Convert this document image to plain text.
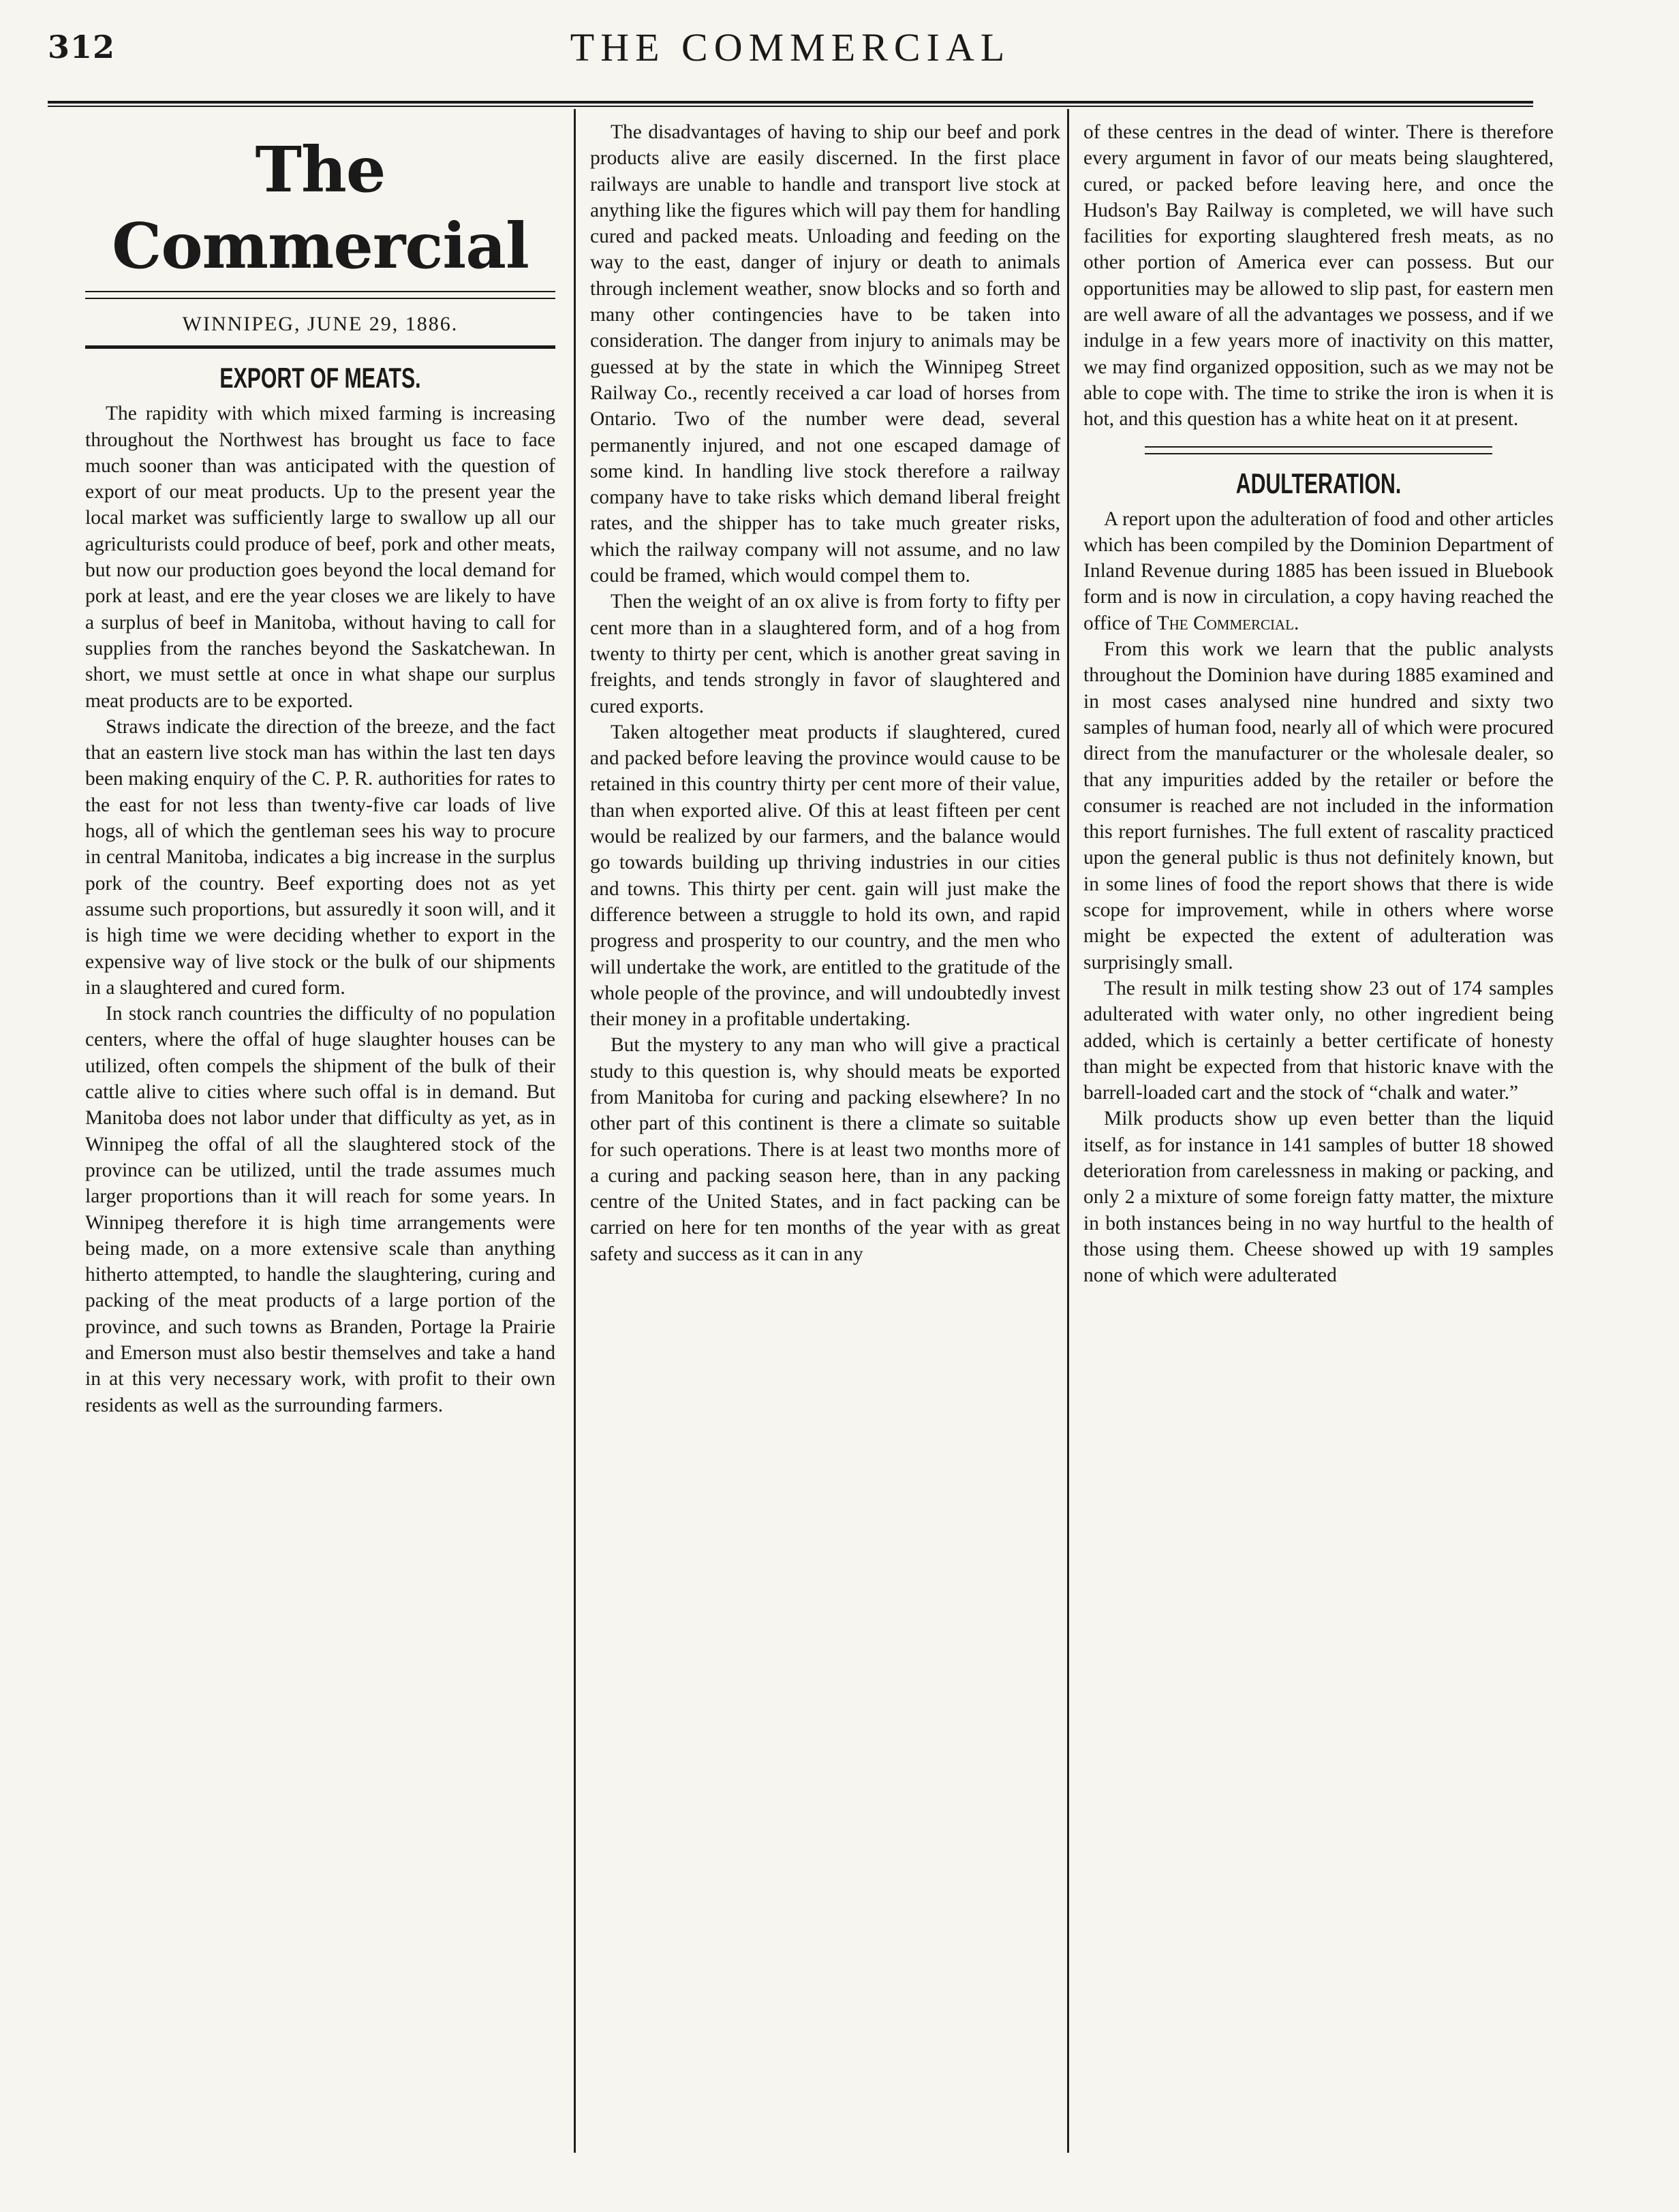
312	THE COMMERCIAL
The Commercial
WINNIPEG, JUNE 29, 1886.
EXPORT OF MEATS.

The rapidity with which mixed farming is increasing throughout the Northwest has brought us face to face much sooner than was anticipated with the question of export of our meat products. Up to the present year the local market was sufficiently large to swallow up all our agriculturists could produce of beef, pork and other meats, but now our production goes beyond the local demand for pork at least, and ere the year closes we are likely to have a surplus of beef in Manitoba, without having to call for supplies from the ranches beyond the Saskatchewan. In short, we must settle at once in what shape our surplus meat products are to be exported.

Straws indicate the direction of the breeze, and the fact that an eastern live stock man has within the last ten days been making enquiry of the C. P. R. authorities for rates to the east for not less than twenty-five car loads of live hogs, all of which the gentleman sees his way to procure in central Manitoba, indicates a big increase in the surplus pork of the country. Beef exporting does not as yet assume such proportions, but assuredly it soon will, and it is high time we were deciding whether to export in the expensive way of live stock or the bulk of our shipments in a slaughtered and cured form.

In stock ranch countries the difficulty of no population centers, where the offal of huge slaughter houses can be utilized, often compels the shipment of the bulk of their cattle alive to cities where such offal is in demand. But Manitoba does not labor under that difficulty as yet, as in Winnipeg the offal of all the slaughtered stock of the province can be utilized, until the trade assumes much larger proportions than it will reach for some years. In Winnipeg therefore it is high time arrangements were being made, on a more extensive scale than anything hitherto attempted, to handle the slaughtering, curing and packing of the meat products of a large portion of the province, and such towns as Branden, Portage la Prairie and Emerson must also bestir themselves and take a hand in at this very necessary work, with profit to their own residents as well as the surrounding farmers.

The disadvantages of having to ship our beef and pork products alive are easily discerned. In the first place railways are unable to handle and transport live stock at anything like the figures which will pay them for handling cured and packed meats. Unloading and feeding on the way to the east, danger of injury or death to animals through inclement weather, snow blocks and so forth and many other contingencies have to be taken into consideration. The danger from injury to animals may be guessed at by the state in which the Winnipeg Street Railway Co., recently received a car load of horses from Ontario. Two of the number were dead, several permanently injured, and not one escaped damage of some kind. In handling live stock therefore a railway company have to take risks which demand liberal freight rates, and the shipper has to take much greater risks, which the railway company will not assume, and no law could be framed, which would compel them to.

Then the weight of an ox alive is from forty to fifty per cent more than in a slaughtered form, and of a hog from twenty to thirty per cent, which is another great saving in freights, and tends strongly in favor of slaughtered and cured exports.

Taken altogether meat products if slaughtered, cured and packed before leaving the province would cause to be retained in this country thirty per cent more of their value, than when exported alive. Of this at least fifteen per cent would be realized by our farmers, and the balance would go towards building up thriving industries in our cities and towns. This thirty per cent. gain will just make the difference between a struggle to hold its own, and rapid progress and prosperity to our country, and the men who will undertake the work, are entitled to the gratitude of the whole people of the province, and will undoubtedly invest their money in a profitable undertaking.

But the mystery to any man who will give a practical study to this question is, why should meats be exported from Manitoba for curing and packing elsewhere? In no other part of this continent is there a climate so suitable for such operations. There is at least two months more of a curing and packing season here, than in any packing centre of the United States, and in fact packing can be carried on here for ten months of the year with as great safety and success as it can in any

of these centres in the dead of winter. There is therefore every argument in favor of our meats being slaughtered, cured, or packed before leaving here, and once the Hudson's Bay Railway is completed, we will have such facilities for exporting slaughtered fresh meats, as no other portion of America ever can possess. But our opportunities may be allowed to slip past, for eastern men are well aware of all the advantages we possess, and if we indulge in a few years more of inactivity on this matter, we may find organized opposition, such as we may not be able to cope with. The time to strike the iron is when it is hot, and this question has a white heat on it at present.

ADULTERATION.

A report upon the adulteration of food and other articles which has been compiled by the Dominion Department of Inland Revenue during 1885 has been issued in Bluebook form and is now in circulation, a copy having reached the office of The Commercial.

From this work we learn that the public analysts throughout the Dominion have during 1885 examined and in most cases analysed nine hundred and sixty two samples of human food, nearly all of which were procured direct from the manufacturer or the wholesale dealer, so that any impurities added by the retailer or before the consumer is reached are not included in the information this report furnishes. The full extent of rascality practiced upon the general public is thus not definitely known, but in some lines of food the report shows that there is wide scope for improvement, while in others where worse might be expected the extent of adulteration was surprisingly small.

The result in milk testing show 23 out of 174 samples adulterated with water only, no other ingredient being added, which is certainly a better certificate of honesty than might be expected from that historic knave with the barrell-loaded cart and the stock of “chalk and water.”

Milk products show up even better than the liquid itself, as for instance in 141 samples of butter 18 showed deterioration from carelessness in making or packing, and only 2 a mixture of some foreign fatty matter, the mixture in both instances being in no way hurtful to the health of those using them. Cheese showed up with 19 samples none of which were adulterated
